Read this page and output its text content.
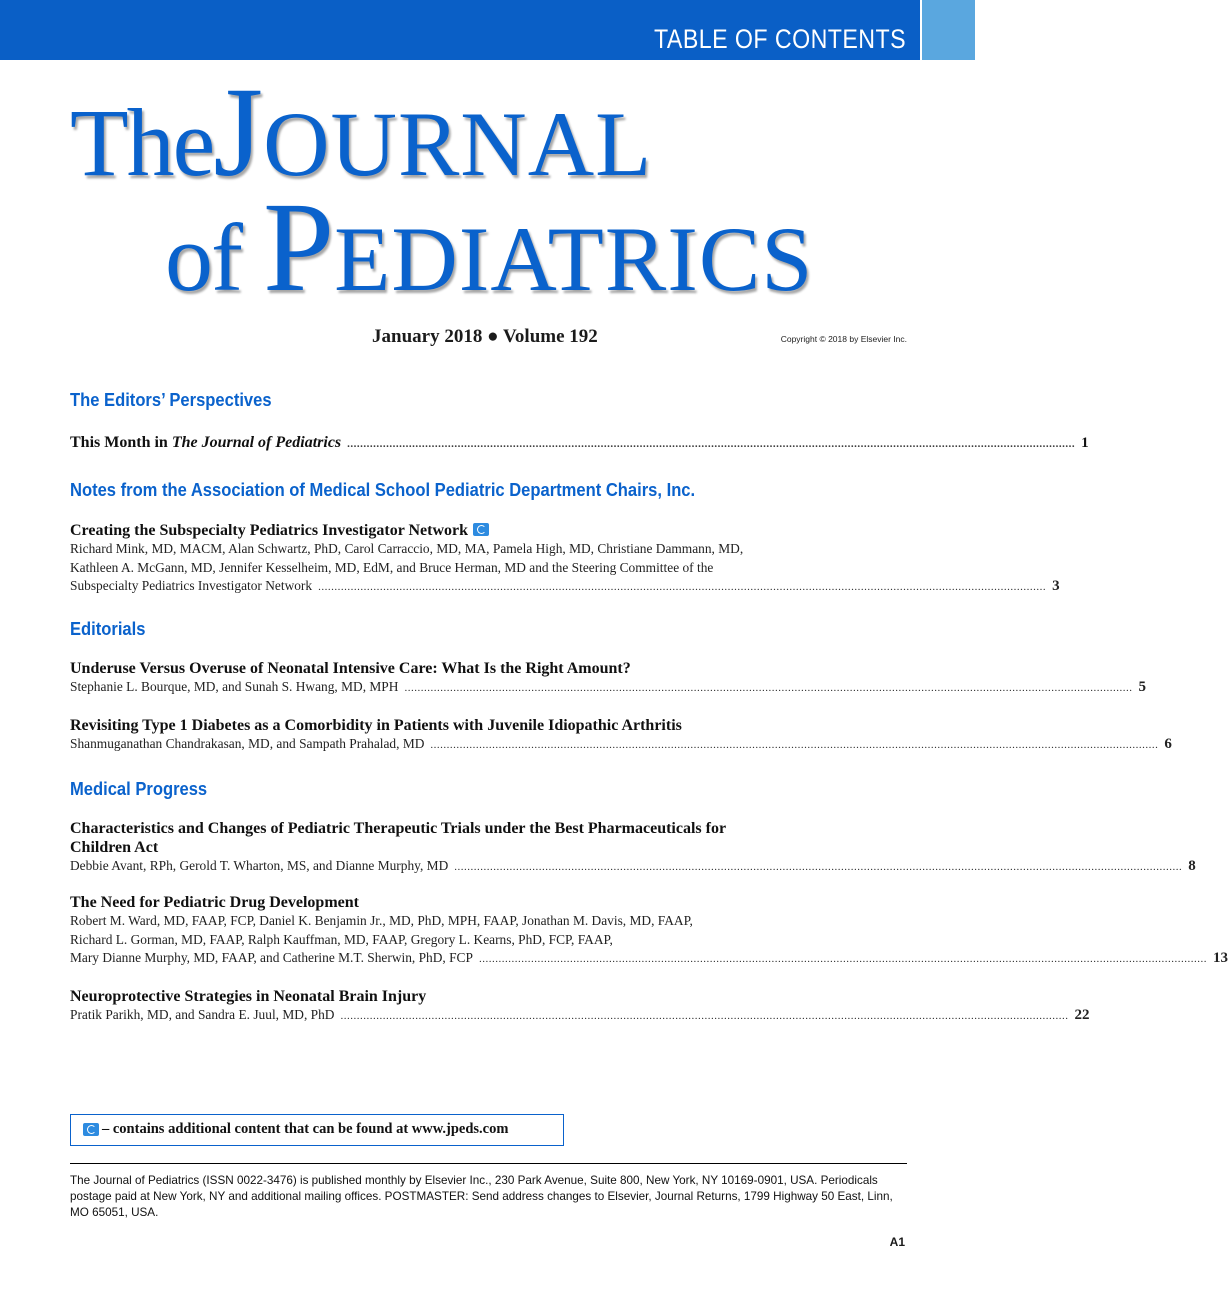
TABLE OF CONTENTS
TheJOURNAL
of PEDIATRICS
January 2018 ● Volume 192	Copyright © 2018 by Elsevier Inc.
The Editors’ Perspectives
This Month in The Journal of Pediatrics ................................................................................................................................................................................................................................ 1
Notes from the Association of Medical School Pediatric Department Chairs, Inc.
Creating the Subspecialty Pediatrics Investigator Network
Richard Mink, MD, MACM, Alan Schwartz, PhD, Carol Carraccio, MD, MA, Pamela High, MD, Christiane Dammann, MD,
Kathleen A. McGann, MD, Jennifer Kesselheim, MD, EdM, and Bruce Herman, MD and the Steering Committee of the
Subspecialty Pediatrics Investigator Network ................................................................................................................................................................................................................................ 3
Editorials
Underuse Versus Overuse of Neonatal Intensive Care: What Is the Right Amount?
Stephanie L. Bourque, MD, and Sunah S. Hwang, MD, MPH ................................................................................................................................................................................................................................ 5
Revisiting Type 1 Diabetes as a Comorbidity in Patients with Juvenile Idiopathic Arthritis
Shanmuganathan Chandrakasan, MD, and Sampath Prahalad, MD ................................................................................................................................................................................................................................ 6
Medical Progress
Characteristics and Changes of Pediatric Therapeutic Trials under the Best Pharmaceuticals for
Children Act
Debbie Avant, RPh, Gerold T. Wharton, MS, and Dianne Murphy, MD ................................................................................................................................................................................................................................ 8
The Need for Pediatric Drug Development
Robert M. Ward, MD, FAAP, FCP, Daniel K. Benjamin Jr., MD, PhD, MPH, FAAP, Jonathan M. Davis, MD, FAAP,
Richard L. Gorman, MD, FAAP, Ralph Kauffman, MD, FAAP, Gregory L. Kearns, PhD, FCP, FAAP,
Mary Dianne Murphy, MD, FAAP, and Catherine M.T. Sherwin, PhD, FCP ................................................................................................................................................................................................................................ 13
Neuroprotective Strategies in Neonatal Brain Injury
Pratik Parikh, MD, and Sandra E. Juul, MD, PhD ................................................................................................................................................................................................................................ 22
– contains additional content that can be found at www.jpeds.com
The Journal of Pediatrics (ISSN 0022-3476) is published monthly by Elsevier Inc., 230 Park Avenue, Suite 800, New York, NY 10169-0901, USA. Periodicals postage paid at New York, NY and additional mailing offices. POSTMASTER: Send address changes to Elsevier, Journal Returns, 1799 Highway 50 East, Linn, MO 65051, USA.
A1
